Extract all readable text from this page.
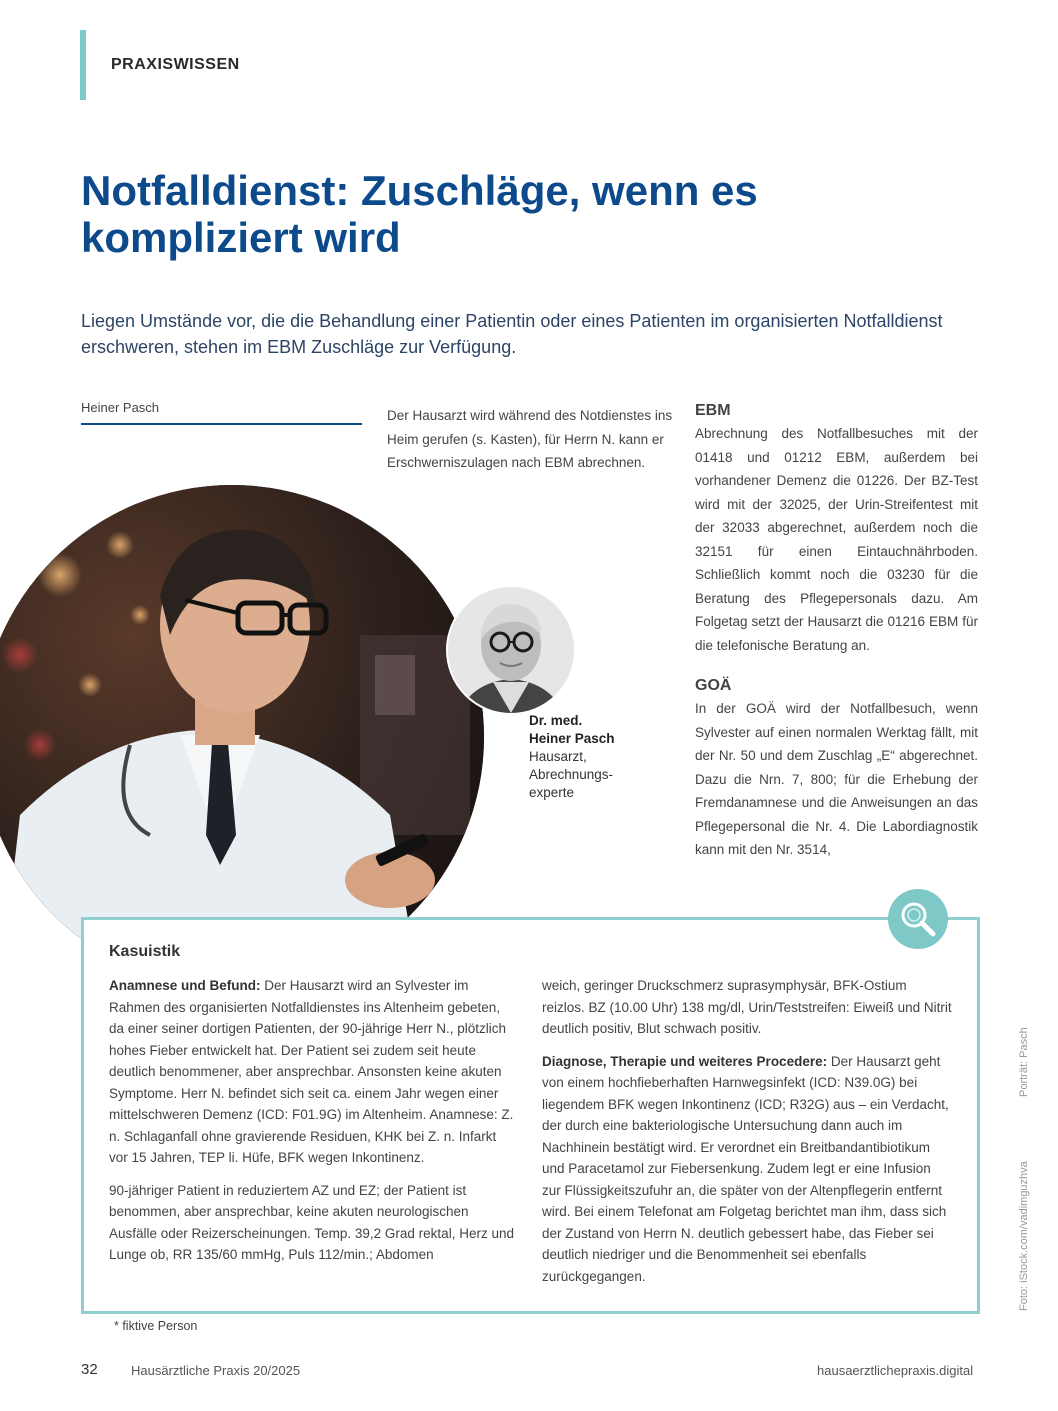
PRAXISWISSEN
Notfalldienst: Zuschläge, wenn es kompliziert wird

Liegen Umstände vor, die die Behandlung einer Patientin oder eines Patienten im organisierten Notfalldienst erschweren, stehen im EBM Zuschläge zur Verfügung.

Heiner Pasch

Der Hausarzt wird während des Notdienstes ins Heim gerufen (s. Kasten), für Herrn N. kann er Erschwerniszulagen nach EBM abrechnen.

EBM

Abrechnung des Notfallbesuches mit der 01418 und 01212 EBM, außerdem bei vorhandener Demenz die 01226. Der BZ-Test wird mit der 32025, der Urin-Streifentest mit der 32033 abgerechnet, außerdem noch die 32151 für einen Eintauchnährboden. Schließlich kommt noch die 03230 für die Beratung des Pflegepersonals dazu. Am Folgetag setzt der Hausarzt die 01216 EBM für die telefonische Beratung an.

GOÄ

In der GOÄ wird der Notfallbesuch, wenn Sylvester auf einen normalen Werktag fällt, mit der Nr. 50 und dem Zuschlag „E“ abgerechnet. Dazu die Nrn. 7, 800; für die Erhebung der Fremdanamnese und die Anweisungen an das Pflegepersonal die Nr. 4. Die Labordiagnostik kann mit den Nr. 3514,

Dr. med.
Heiner Pasch
Hausarzt,
Abrechnungs-
experte
Kasuistik

Anamnese und Befund: Der Hausarzt wird an Sylvester im Rahmen des organisierten Notfalldienstes ins Altenheim gebeten, da einer seiner dortigen Patienten, der 90-jährige Herr N., plötzlich hohes Fieber entwickelt hat. Der Patient sei zudem seit heute deutlich benommener, aber ansprechbar. Ansonsten keine akuten Symptome. Herr N. befindet sich seit ca. einem Jahr wegen einer mittelschweren Demenz (ICD: F01.9G) im Altenheim. Anamnese: Z. n. Schlaganfall ohne gravierende Residuen, KHK bei Z. n. Infarkt vor 15 Jahren, TEP li. Hüfe, BFK wegen Inkontinenz.

90-jähriger Patient in reduziertem AZ und EZ; der Patient ist benommen, aber ansprechbar, keine akuten neurologischen Ausfälle oder Reizerscheinungen. Temp. 39,2 Grad rektal, Herz und Lunge ob, RR 135/60 mmHg, Puls 112/min.; Abdomen

weich, geringer Druckschmerz suprasymphysär, BFK-Ostium reizlos. BZ (10.00 Uhr) 138 mg/dl, Urin/Teststreifen: Eiweiß und Nitrit deutlich positiv, Blut schwach positiv.

Diagnose, Therapie und weiteres Procedere: Der Hausarzt geht von einem hochfieberhaften Harnwegsinfekt (ICD: N39.0G) bei liegendem BFK wegen Inkontinenz (ICD; R32G) aus – ein Verdacht, der durch eine bakteriologische Untersuchung dann auch im Nachhinein bestätigt wird. Er verordnet ein Breitbandantibiotikum und Paracetamol zur Fiebersenkung. Zudem legt er eine Infusion zur Flüssigkeitszufuhr an, die später von der Altenpflegerin entfernt wird. Bei einem Telefonat am Folgetag berichtet man ihm, dass sich der Zustand von Herrn N. deutlich gebessert habe, das Fieber sei deutlich niedriger und die Benommenheit sei ebenfalls zurückgegangen.

* fiktive Person
32	Hausärztliche Praxis 20/2025	hausaerztlichepraxis.digital
Porträt: Pasch
Foto: iStock.com/vadimguzhva
